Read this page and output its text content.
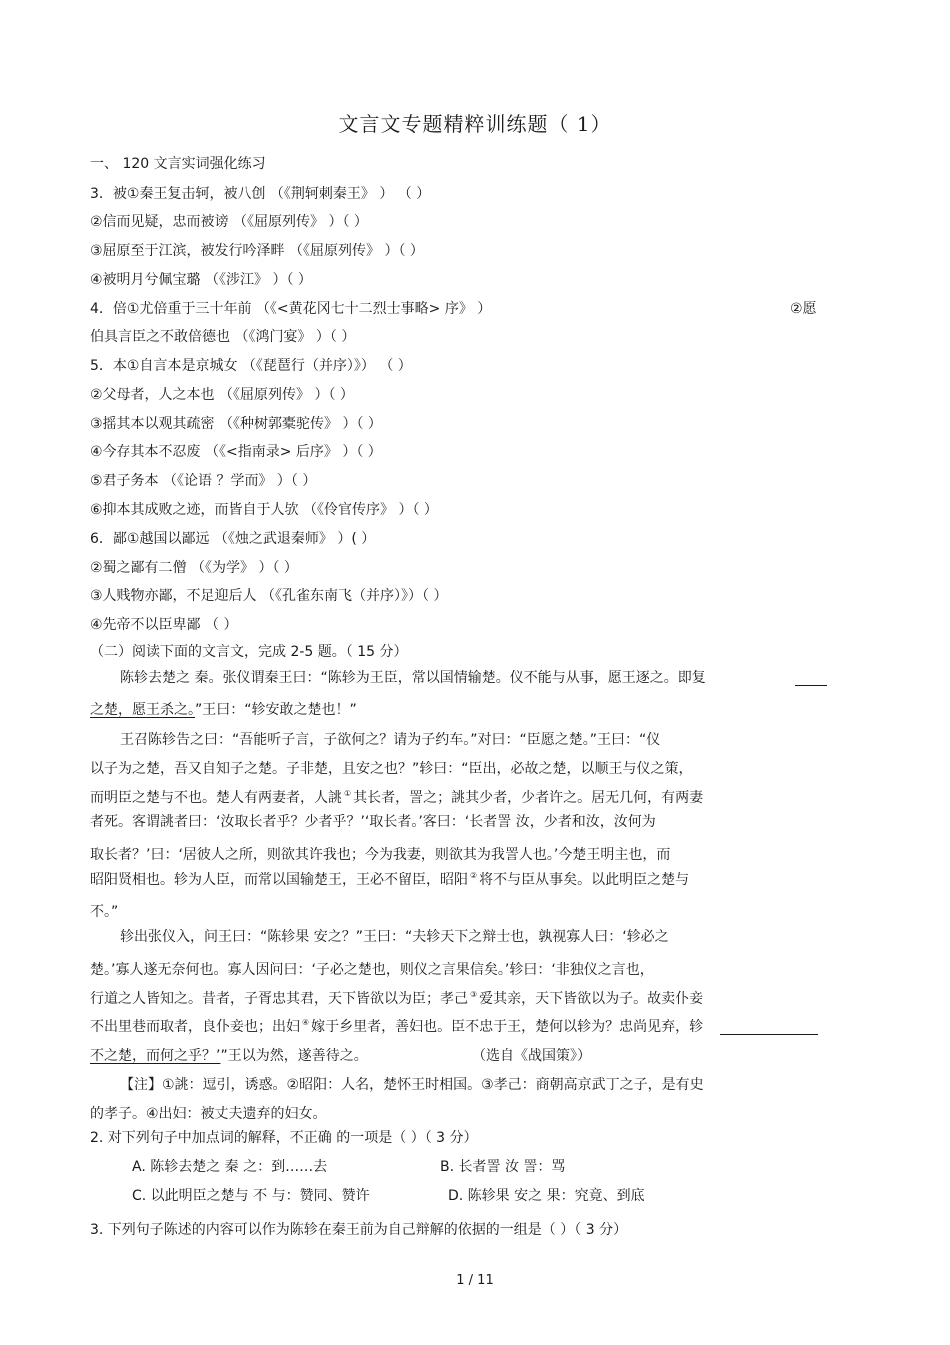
文言文专题精粹训练题（ 1）
一、 120 文言实词强化练习
3．被①秦王复击轲，被八创 （《荆轲刺秦王》 ） （ ）
②信而见疑，忠而被谤 （《屈原列传》 ）（ ）
③屈原至于江滨，被发行吟泽畔 （《屈原列传》 ）（ ）
④被明月兮佩宝璐 （《涉江》 ）（ ）
4．倍①尤倍重于三十年前 （《<黄花冈七十二烈士事略> 序》 ）	②愿
伯具言臣之不敢倍德也 （《鸿门宴》 ）（ ）
5．本①自言本是京城女 （《琵琶行（并序）》） （ ）
②父母者，人之本也 （《屈原列传》 ）（ ）
③摇其本以观其疏密 （《种树郭橐驼传》 ）（ ）
④今存其本不忍废 （《<指南录> 后序》 ）（ ）
⑤君子务本 （《论语 ？学而》 ）（ ）
⑥抑本其成败之迹，而皆自于人欤 （《伶官传序》 ）（ ）
6．鄙①越国以鄙远 （《烛之武退秦师》 ）( ）
②蜀之鄙有二僧 （《为学》 ）（ ）
③人贱物亦鄙，不足迎后人 （《孔雀东南飞（并序）》）（ ）
④先帝不以臣卑鄙 （ ）
（二）阅读下面的文言文，完成 2-5 题。（ 15 分）
陈轸去楚之 秦。张仪谓秦王曰：“陈轸为王臣，常以国情输楚。仪不能与从事，愿王逐之。即复
之楚，愿王杀之。”王曰：“轸安敢之楚也！”
王召陈轸告之曰：“吾能听子言，子欲何之？请为子约车。”对曰：“臣愿之楚。”王曰：“仪
以子为之楚，吾又自知子之楚。子非楚，且安之也？”轸曰：“臣出，必故之楚，以顺王与仪之策，
而明臣之楚与不也。楚人有两妻者，人誂 ① 其长者，詈之；誂其少者，少者许之。居无几何，有两妻
者死。客谓誂者曰：‘汝取长者乎？少者乎？’‘取长者。’客曰：‘长者詈 汝，少者和汝，汝何为
取长者？’曰：‘居彼人之所，则欲其许我也；今为我妻，则欲其为我詈人也。’今楚王明主也，而
昭阳贤相也。轸为人臣，而常以国输楚王，王必不留臣，昭阳 ② 将不与臣从事矣。以此明臣之楚与
不。”
轸出张仪入，问王曰：“陈轸果 安之？”王曰：“夫轸天下之辩士也，孰视寡人曰：‘轸必之
楚。’寡人遂无奈何也。寡人因问曰：‘子必之楚也，则仪之言果信矣。’轸曰：‘非独仪之言也，
行道之人皆知之。昔者，子胥忠其君，天下皆欲以为臣；孝己 ③ 爱其亲，天下皆欲以为子。故卖仆妾
不出里巷而取者，良仆妾也；出妇 ④ 嫁于乡里者，善妇也。臣不忠于王，楚何以轸为？忠尚见弃，轸
不之楚，而何之乎？’”王以为然，遂善待之。	（选自《战国策》）
【注】①誂：逗引，诱惑。②昭阳：人名，楚怀王时相国。③孝己：商朝高京武丁之子，是有史
的孝子。④出妇：被丈夫遗弃的妇女。
2. 对下列句子中加点词的解释，不正确 的一项是（ ）（ 3 分）
A. 陈轸去楚之 秦 之：到……去	B. 长者詈 汝 詈：骂
C. 以此明臣之楚与 不 与：赞同、赞许	D. 陈轸果 安之 果：究竟、到底
3. 下列句子陈述的内容可以作为陈轸在秦王前为自己辩解的依据的一组是（ ）（ 3 分）
1 / 11
